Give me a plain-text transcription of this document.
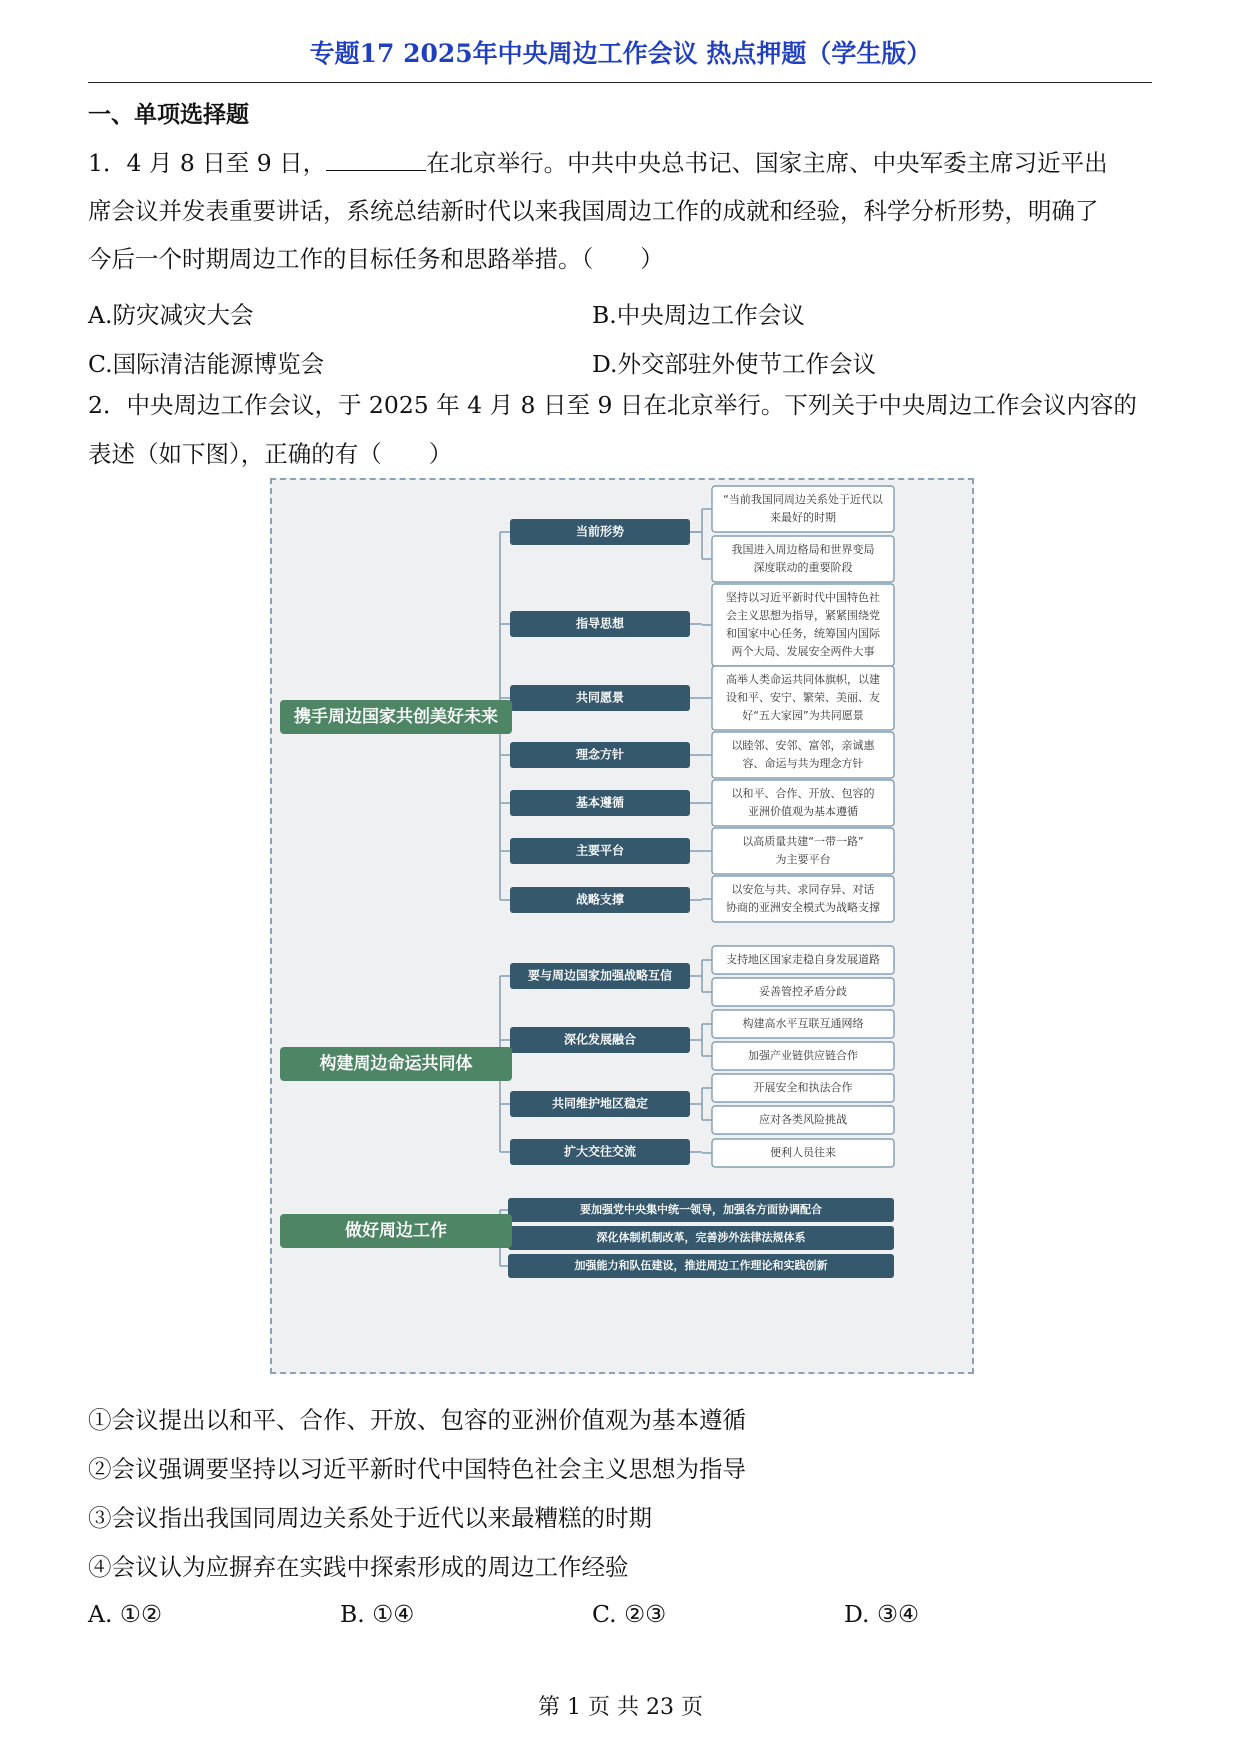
专题17 2025年中央周边工作会议 热点押题（学生版）
一、单项选择题
1．4 月 8 日至 9 日，	在北京举行。中共中央总书记、国家主席、中央军委主席习近平出
席会议并发表重要讲话，系统总结新时代以来我国周边工作的成就和经验，科学分析形势，明确了
今后一个时期周边工作的目标任务和思路举措。（　　）
A.防灾减灾大会	B.中央周边工作会议
C.国际清洁能源博览会	D.外交部驻外使节工作会议
2．中央周边工作会议，于 2025 年 4 月 8 日至 9 日在北京举行。下列关于中央周边工作会议内容的
表述（如下图），正确的有（　　）
当前形势
“当前我国同周边关系处于近代以
来最好的时期
我国进入周边格局和世界变局
深度联动的重要阶段
指导思想
坚持以习近平新时代中国特色社
会主义思想为指导，紧紧围绕党
和国家中心任务，统筹国内国际
两个大局、发展安全两件大事
共同愿景
高举人类命运共同体旗帜，以建
设和平、安宁、繁荣、美丽、友
好“五大家园”为共同愿景
理念方针
以睦邻、安邻、富邻，亲诚惠
容、命运与共为理念方针
基本遵循
以和平、合作、开放、包容的
亚洲价值观为基本遵循
主要平台
以高质量共建“一带一路”
为主要平台
战略支撑
以安危与共、求同存异、对话
协商的亚洲安全模式为战略支撑
携手周边国家共创美好未来
要与周边国家加强战略互信
支持地区国家走稳自身发展道路
妥善管控矛盾分歧
深化发展融合
构建高水平互联互通网络
加强产业链供应链合作
共同维护地区稳定
开展安全和执法合作
应对各类风险挑战
扩大交往交流	便利人员往来
构建周边命运共同体
要加强党中央集中统一领导，加强各方面协调配合
深化体制机制改革，完善涉外法律法规体系
加强能力和队伍建设，推进周边工作理论和实践创新
做好周边工作
①会议提出以和平、合作、开放、包容的亚洲价值观为基本遵循
②会议强调要坚持以习近平新时代中国特色社会主义思想为指导
③会议指出我国同周边关系处于近代以来最糟糕的时期
④会议认为应摒弃在实践中探索形成的周边工作经验
A. ①②	B. ①④	C. ②③	D. ③④
第 1 页 共 23 页
